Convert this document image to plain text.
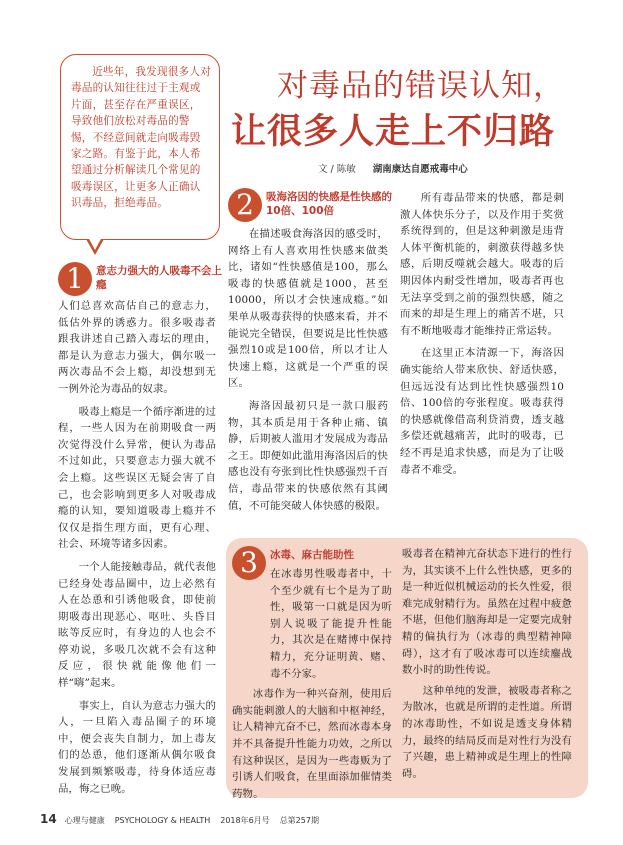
近些年，我发现很多人对毒品的认知往往过于主观或片面，甚至存在严重误区，导致他们放松对毒品的警惕，不经意间就走向吸毒毁家之路。有鉴于此，本人希望通过分析解读几个常见的吸毒误区，让更多人正确认识毒品，拒绝毒品。

对毒品的错误认知，
让很多人走上不归路
文 / 陈敏 湖南康达自愿戒毒中心
1	意志力强大的人吸毒不会上瘾

人们总喜欢高估自己的意志力，低估外界的诱惑力。很多吸毒者跟我讲述自己踏入毒坛的理由，都是认为意志力强大，偶尔吸一两次毒品不会上瘾，却没想到无一例外沦为毒品的奴隶。

吸毒上瘾是一个循序渐进的过程，一些人因为在前期吸食一两次觉得没什么异常，便认为毒品不过如此，只要意志力强大就不会上瘾。这些误区无疑会害了自己，也会影响到更多人对吸毒成瘾的认知，要知道吸毒上瘾并不仅仅是指生理方面，更有心理、社会、环境等诸多因素。

一个人能接触毒品，就代表他已经身处毒品圈中，边上必然有人在怂恿和引诱他吸食，即使前期吸毒出现恶心、呕吐、头昏目眩等反应时，有身边的人也会不停劝说，多吸几次就不会有这种反应，很快就能像他们一样“嗨”起来。

事实上，自认为意志力强大的人，一旦陷入毒品圈子的环境中，便会丧失自制力，加上毒友们的怂恿，他们逐渐从偶尔吸食发展到频繁吸毒，待身体适应毒品，悔之已晚。

2	吸海洛因的快感是性快感的10倍、100倍

在描述吸食海洛因的感受时，网络上有人喜欢用性快感来做类比，诸如“性快感值是100，那么吸毒的快感值就是1000，甚至10000，所以才会快速成瘾。”如果单从吸毒获得的快感来看，并不能说完全错误，但要说是比性快感强烈10或是100倍，所以才让人快速上瘾，这就是一个严重的误区。

海洛因最初只是一款口服药物，其本质是用于各种止痛、镇静，后期被人滥用才发展成为毒品之王。即便如此滥用海洛因后的快感也没有夸张到比性快感强烈千百倍，毒品带来的快感依然有其阈值，不可能突破人体快感的极限。

所有毒品带来的快感，都是刺激人体快乐分子，以及作用于奖赏系统得到的，但是这种刺激是违背人体平衡机能的，刺激获得越多快感，后期反噬就会越大。吸毒的后期因体内耐受性增加，吸毒者再也无法享受到之前的强烈快感，随之而来的却是生理上的痛苦不堪，只有不断地吸毒才能维持正常运转。

在这里正本清源一下，海洛因确实能给人带来欣快、舒适快感，但远远没有达到比性快感强烈10倍、100倍的夸张程度。吸毒获得的快感就像借高利贷消费，透支越多偿还就越痛苦，此时的吸毒，已经不再是追求快感，而是为了让吸毒者不难受。

3	冰毒、麻古能助性

在冰毒男性吸毒者中，十个至少就有七个是为了助性，吸第一口就是因为听别人说吸了能提升性能力，其次是在赌博中保持精力，充分证明黄、赌、毒不分家。

冰毒作为一种兴奋剂，使用后确实能刺激人的大脑和中枢神经，让人精神亢奋不已，然而冰毒本身并不具备提升性能力功效，之所以有这种误区，是因为一些毒贩为了引诱人们吸食，在里面添加催情类药物。

吸毒者在精神亢奋状态下进行的性行为，其实谈不上什么性快感，更多的是一种近似机械运动的长久性爱，很难完成射精行为。虽然在过程中疲惫不堪，但他们脑海却是一定要完成射精的偏执行为（冰毒的典型精神障碍），这才有了吸冰毒可以连续鏖战数小时的助性传说。

这种单纯的发泄，被吸毒者称之为散冰，也就是所谓的走性道。所谓的冰毒助性，不如说是透支身体精力，最终的结局反而是对性行为没有了兴趣，患上精神或是生理上的性障碍。

14 心理与健康 PSYCHOLOGY & HEALTH 2018年6月号 总第257期
